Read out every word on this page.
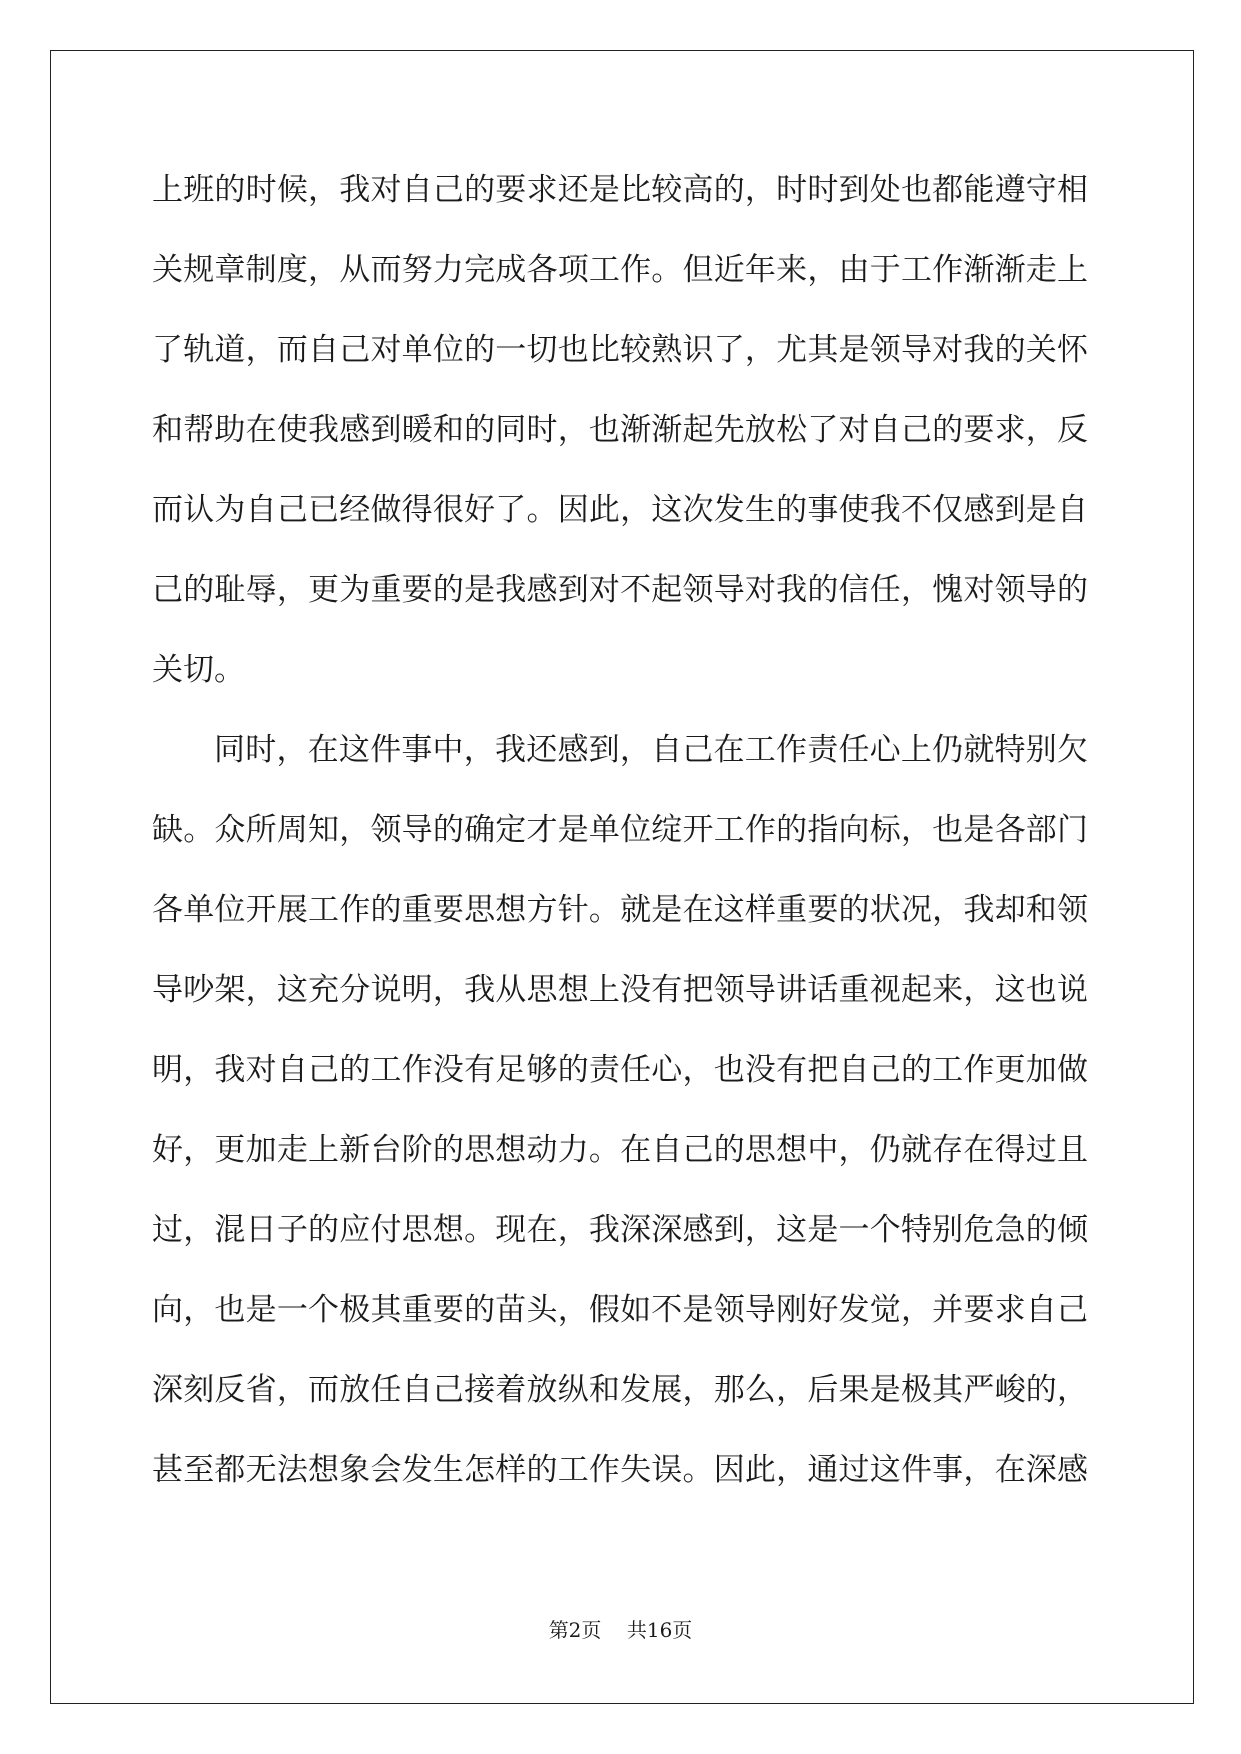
上班的时候，我对自己的要求还是比较高的，时时到处也都能遵守相
关规章制度，从而努力完成各项工作。但近年来，由于工作渐渐走上
了轨道，而自己对单位的一切也比较熟识了，尤其是领导对我的关怀
和帮助在使我感到暖和的同时，也渐渐起先放松了对自己的要求，反
而认为自己已经做得很好了。因此，这次发生的事使我不仅感到是自
己的耻辱，更为重要的是我感到对不起领导对我的信任，愧对领导的
关切。
同时，在这件事中，我还感到，自己在工作责任心上仍就特别欠
缺。众所周知，领导的确定才是单位绽开工作的指向标，也是各部门
各单位开展工作的重要思想方针。就是在这样重要的状况，我却和领
导吵架，这充分说明，我从思想上没有把领导讲话重视起来，这也说
明，我对自己的工作没有足够的责任心，也没有把自己的工作更加做
好，更加走上新台阶的思想动力。在自己的思想中，仍就存在得过且
过，混日子的应付思想。现在，我深深感到，这是一个特别危急的倾
向，也是一个极其重要的苗头，假如不是领导刚好发觉，并要求自己
深刻反省，而放任自己接着放纵和发展，那么，后果是极其严峻的，
甚至都无法想象会发生怎样的工作失误。因此，通过这件事，在深感
第2页 共16页
